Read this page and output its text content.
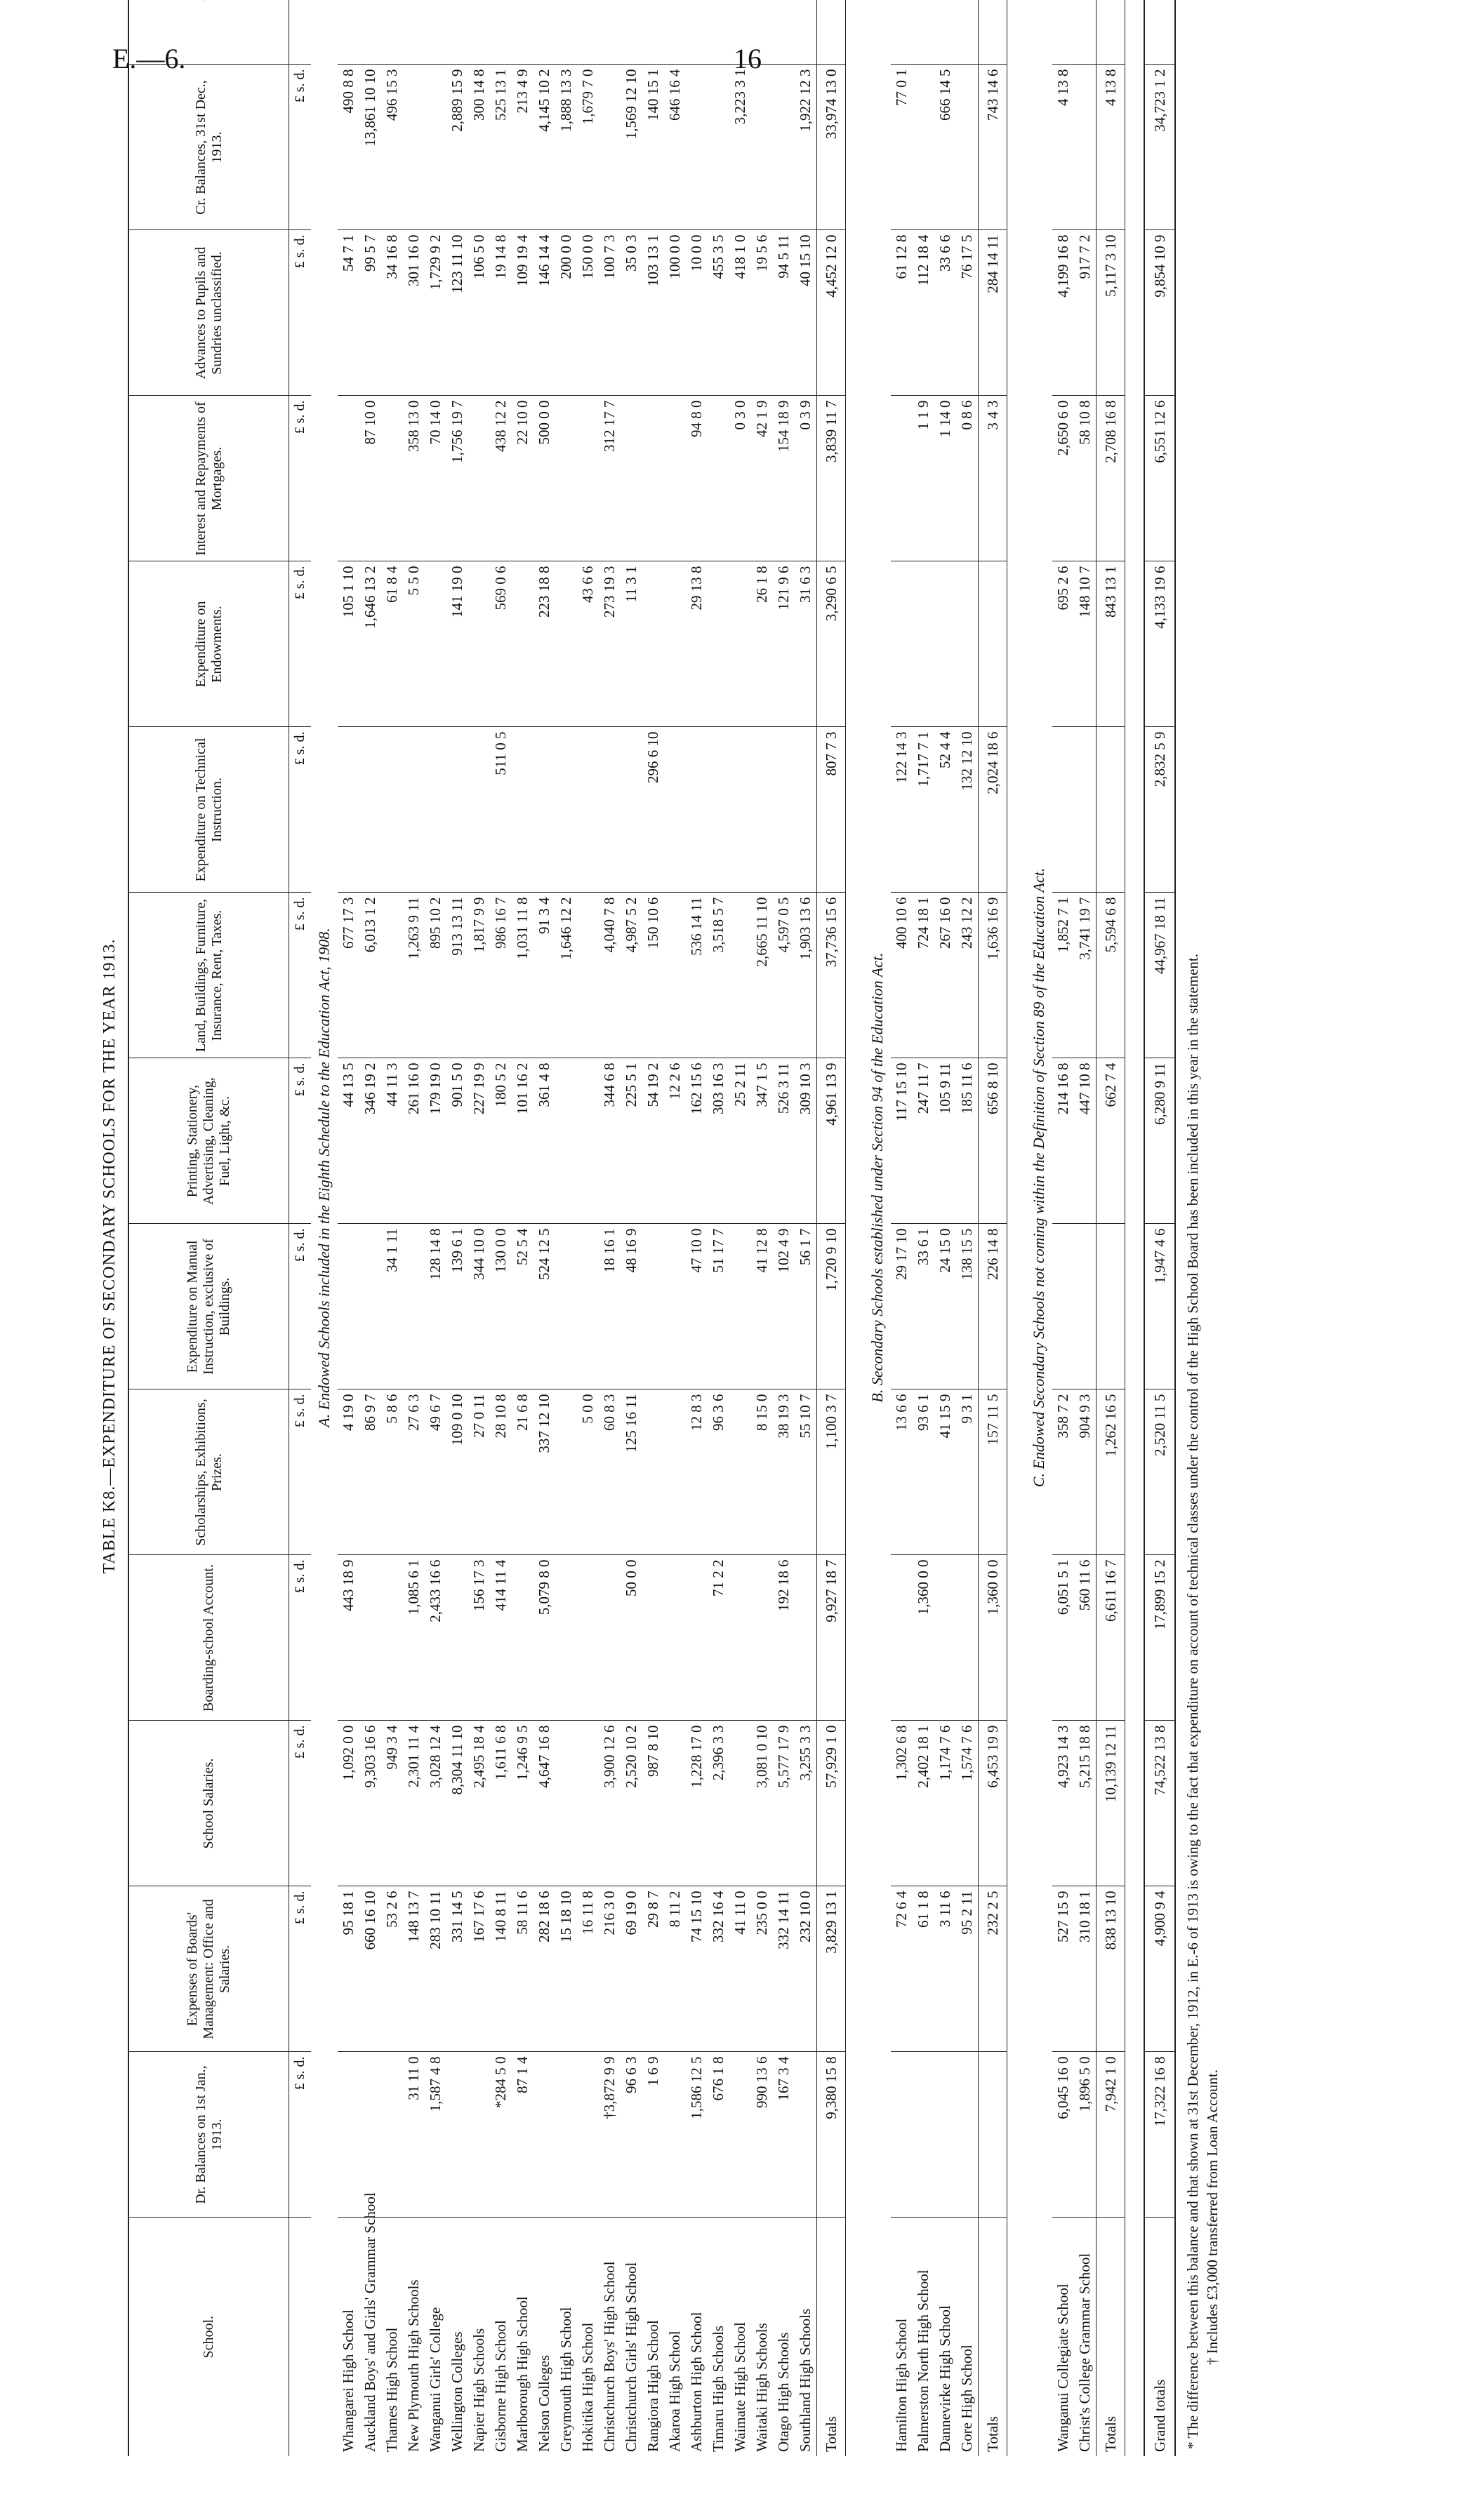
E.—6.	16
TABLE K8.—EXPENDITURE OF SECONDARY SCHOOLS FOR THE YEAR 1913.
School.	Dr. Balances on 1st Jan., 1913.	Expenses of Boards' Management: Office and Salaries.	School Salaries.	Boarding-school Account.	Scholarships, Exhibitions, Prizes.	Expenditure on Manual Instruction, exclusive of Buildings.	Printing, Stationery, Advertising, Cleaning, Fuel, Light, &c.	Land, Buildings, Furniture, Insurance, Rent, Taxes.	Expenditure on Technical Instruction.	Expenditure on Endowments.	Interest and Repayments of Mortgages.	Advances to Pupils and Sundries unclassified.	Cr. Balances, 31st Dec., 1913.	
	£ s. d.	£ s. d.	£ s. d.	£ s. d.	£ s. d.	£ s. d.	£ s. d.	£ s. d.	£ s. d.	£ s. d.	£ s. d.	£ s. d.	£ s. d.	
A. Endowed Schools included in the Eighth Schedule to the Education Act, 1908.														
Whangarei High School		95 18 1	1,092 0 0	443 18 9	4 19 0		44 13 5	677 17 3		105 1 10		54 7 1	490 8 8	
Auckland Boys' and Girls' Grammar School		660 16 10	9,303 16 6		86 9 7		346 19 2	6,013 1 2		1,646 13 2	87 10 0	99 5 7	13,861 10 10	
Thames High School		53 2 6	949 3 4		5 8 6	34 1 11	44 11 3			61 8 4		34 16 8	496 15 3	
New Plymouth High Schools	31 11 0	148 13 7	2,301 11 4	1,085 6 1	27 6 3		261 16 0	1,263 9 11		5 5 0	358 13 0	301 16 0		
Wanganui Girls' College	1,587 4 8	283 10 11	3,028 12 4	2,433 16 6	49 6 7	128 14 8	179 19 0	895 10 2			70 14 0	1,729 9 2		
Wellington Colleges		331 14 5	8,304 11 10		109 0 10	139 6 1	901 5 0	913 13 11		141 19 0	1,756 19 7	123 11 10	2,889 15 9	
Napier High Schools		167 17 6	2,495 18 4	156 17 3	27 0 11	344 10 0	227 19 9	1,817 9 9				106 5 0	300 14 8	
Gisborne High School	*284 5 0	140 8 11	1,611 6 8	414 11 4	28 10 8	130 0 0	180 5 2	986 16 7	511 0 5	569 0 6	438 12 2	19 14 8	525 13 1	
Marlborough High School	87 1 4	58 11 6	1,246 9 5		21 6 8	52 5 4	101 16 2	1,031 11 8			22 10 0	109 19 4	213 4 9	
Nelson Colleges		282 18 6	4,647 16 8	5,079 8 0	337 12 10	524 12 5	361 4 8	91 3 4		223 18 8	500 0 0	146 14 4	4,145 10 2	
Greymouth High School		15 18 10						1,646 12 2				200 0 0	1,888 13 3	
Hokitika High School		16 11 8			5 0 0					43 6 6		150 0 0	1,679 7 0	
Christchurch Boys' High School	†3,872 9 9	216 3 0	3,900 12 6		60 8 3	18 16 1	344 6 8	4,040 7 8		273 19 3	312 17 7	100 7 3		
Christchurch Girls' High School	96 6 3	69 19 0	2,520 10 2	50 0 0	125 16 11	48 16 9	225 5 1	4,987 5 2		11 3 1		35 0 3	1,569 12 10	
Rangiora High School	1 6 9	29 8 7	987 8 10				54 19 2	150 10 6	296 6 10			103 13 1	140 15 1	
Akaroa High School		8 11 2					12 2 6					100 0 0	646 16 4	
Ashburton High School	1,586 12 5	74 15 10	1,228 17 0		12 8 3	47 10 0	162 15 6	536 14 11		29 13 8	94 8 0	10 0 0		
Timaru High Schools	676 1 8	332 16 4	2,396 3 3	71 2 2	96 3 6	51 17 7	303 16 3	3,518 5 7				455 3 5		
Waimate High School		41 11 0					25 2 11				0 3 0	418 1 0	3,223 3 1	
Waitaki High Schools	990 13 6	235 0 0	3,081 0 10		8 15 0	41 12 8	347 1 5	2,665 11 10		26 1 8	42 1 9	19 5 6		
Otago High Schools	167 3 4	332 14 11	5,577 17 9	192 18 6	38 19 3	102 4 9	526 3 11	4,597 0 5		121 9 6	154 18 9	94 5 11		
Southland High Schools		232 10 0	3,255 3 3		55 10 7	56 1 7	309 10 3	1,903 13 6		31 6 3	0 3 9	40 15 10	1,922 12 3	
Totals	9,380 15 8	3,829 13 1	57,929 1 0	9,927 18 7	1,100 3 7	1,720 9 10	4,961 13 9	37,736 15 6	807 7 3	3,290 6 5	3,839 11 7	4,452 12 0	33,974 13 0	

B. Secondary Schools established under Section 94 of the Education Act.														
Hamilton High School		72 6 4	1,302 6 8		13 6 6	29 17 10	117 15 10	400 10 6	122 14 3			61 12 8	77 0 1	
Palmerston North High School		61 1 8	2,402 18 1	1,360 0 0	93 6 1	33 6 1	247 11 7	724 18 1	1,717 7 1		1 1 9	112 18 4		
Dannevirke High School		3 11 6	1,174 7 6		41 15 9	24 15 0	105 9 11	267 16 0	52 4 4		1 14 0	33 6 6	666 14 5	
Gore High School		95 2 11	1,574 7 6		9 3 1	138 15 5	185 11 6	243 12 2	132 12 10		0 8 6	76 17 5		
Totals		232 2 5	6,453 19 9	1,360 0 0	157 11 5	226 14 8	656 8 10	1,636 16 9	2,024 18 6		3 4 3	284 14 11	743 14 6	

C. Endowed Secondary Schools not coming within the Definition of Section 89 of the Education Act.														
Wanganui Collegiate School	6,045 16 0	527 15 9	4,923 14 3	6,051 5 1	358 7 2		214 16 8	1,852 7 1		695 2 6	2,650 6 0	4,199 16 8	4 13 8	
Christ's College Grammar School	1,896 5 0	310 18 1	5,215 18 8	560 11 6	904 9 3		447 10 8	3,741 19 7		148 10 7	58 10 8	917 7 2		
Totals	7,942 1 0	838 13 10	10,139 12 11	6,611 16 7	1,262 16 5		662 7 4	5,594 6 8		843 13 1	2,708 16 8	5,117 3 10	4 13 8	

Grand totals	17,322 16 8	4,900 9 4	74,522 13 8	17,899 15 2	2,520 11 5	1,947 4 6	6,280 9 11	44,967 18 11	2,832 5 9	4,133 19 6	6,551 12 6	9,854 10 9	34,723 1 2	
* The difference between this balance and that shown at 31st December, 1912, in E.-6 of 1913 is owing to the fact that expenditure on account of technical classes under the control of the High School Board has been included in this year in the statement. † Includes £3,000 transferred from Loan Account.
